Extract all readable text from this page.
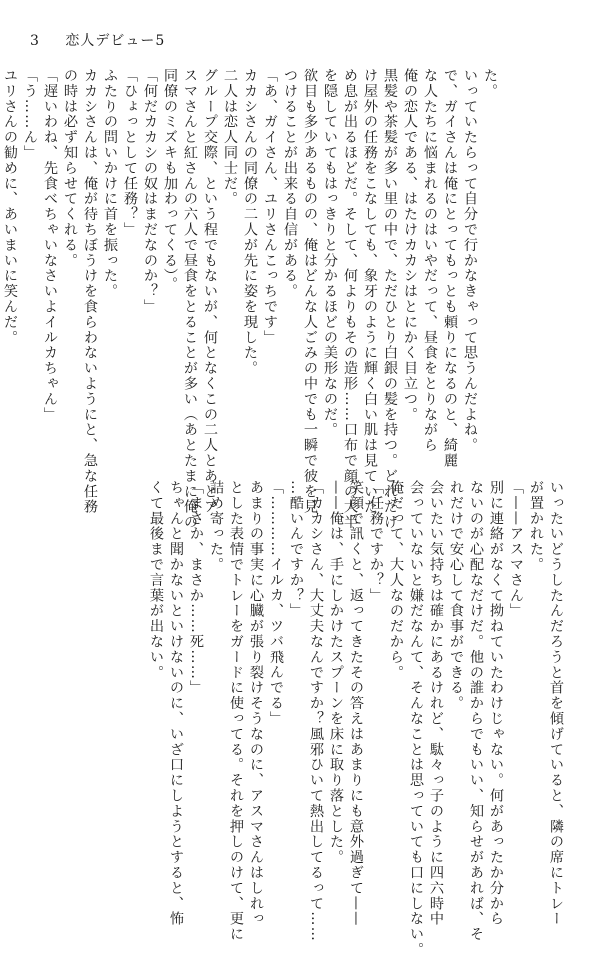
3 恋人デビュー5
た。
いっていたらって自分で行かなきゃって思うんだよね。
で、ガイさんは俺にとってもっとも頼りになるのと、綺麗
な人たちに悩まれるのはいやだって、昼食をとりながら
俺の恋人である、はたけカカシはとにかく目立つ。
黒髪や茶髪が多い里の中で、ただひとり白銀の髪を持つ。どれだけ
け屋外の任務をこなしても、象牙のように輝く白い肌は見ていた
め息が出るほどだ。そして、何よりもその造形……口布で顔の大半
を隠していてもはっきりと分かるほどの美形なのだ。
欲目も多少あるものの、俺はどんな人ごみの中でも一瞬で彼を見
つけることが出来る自信がある。
「あ、ガイさん、ユリさんこっちです」
カカシさんの同僚の二人が先に姿を現した。
二人は恋人同士だ。
グループ交際、という程でもないが、何となくこの二人とあとア
スマさんと紅さんの六人で昼食をとることが多い（あとたまに俺の
同僚のミズキも加わってくる）。
「何だカカシの奴はまだなのか？」
「ひょっとして任務？」
ふたりの問いかけに首を振った。
カカシさんは、俺が待ちぼうけを食らわないようにと、急な任務
の時は必ず知らせてくれる。
「遅いわね、先食べちゃいなさいよイルカちゃん」
「う……ん」
ユリさんの勧めに、あいまいに笑んだ。
いったいどうしたんだろうと首を傾げていると、隣の席にトレー
が置かれた。
「——アスマさん」
別に連絡がなくて拗ねていたわけじゃない。何があったか分から
ないのが心配なだけだ。他の誰からでもいい、知らせがあれば、そ
れだけで安心して食事ができる。
会いたい気持ちは確かにあるけれど、駄々っ子のように四六時中
会っていないと嫌だなんて、そんなことは思っていても口にしない。
俺だって、大人なのだから。
「任務ですか？」
笑顔で訊くと、返ってきたその答えはあまりにも意外過ぎて——
——俺は、手にしかけたスプーンを床に取り落とした。
「カカシさん、大丈夫なんですか？風邪ひいて熱出してるって……
…酷いんですか？」
「…………イルカ、ツバ飛んでる」
あまりの事実に心臓が張り裂けそうなのに、アスマさんはしれっ
とした表情でトレーをガードに使ってる。それを押しのけて、更に
詰め寄った。
「まさか、まさか……死……」
ちゃんと聞かないといけないのに、いざ口にしようとすると、怖
くて最後まで言葉が出ない。
